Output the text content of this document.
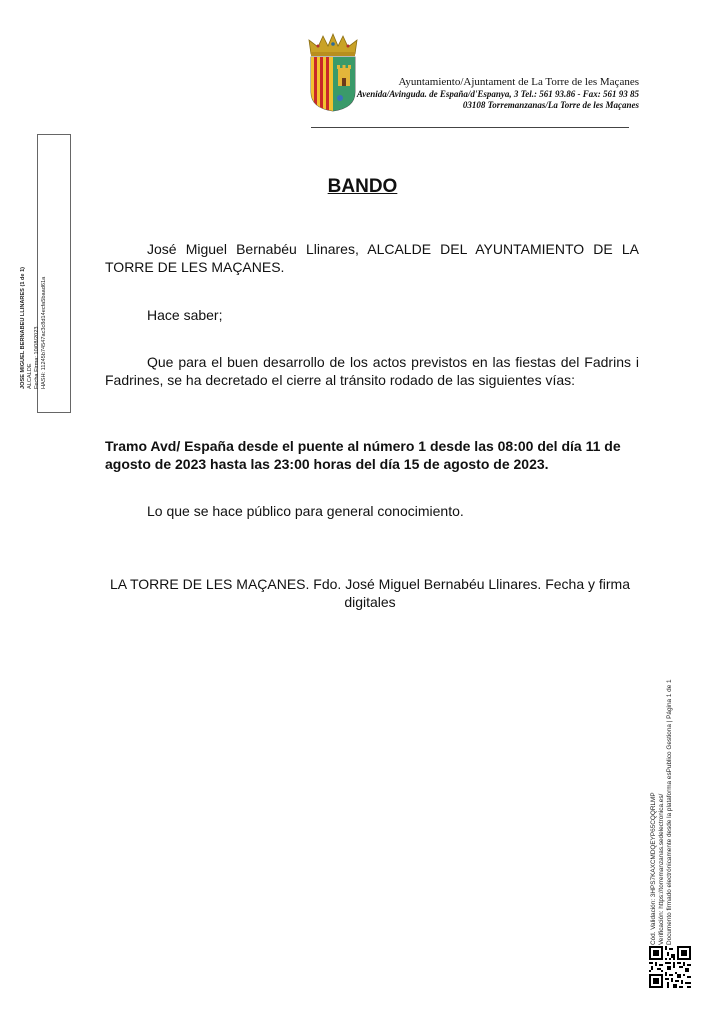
Ayuntamiento/Ajuntament de La Torre de les Maçanes
Avenida/Avinguda. de España/d'Espanya, 3 Tel.: 561 93.86 - Fax: 561 93 85
03108 Torremanzanas/La Torre de les Maçanes
JOSE MIGUEL BERNABEU LLINARES (1 de 1) ALCALDE Fecha Firma: 10/08/2023 HASH: 11245b74547ac3c8d14ecfa5baad61a
BANDO
José Miguel Bernabéu Llinares, ALCALDE DEL AYUNTAMIENTO DE LA TORRE DE LES MAÇANES.
Hace saber;
Que para el buen desarrollo de los actos previstos en las fiestas del Fadrins i Fadrines, se ha decretado el cierre al tránsito rodado de las siguientes vías:
Tramo Avd/ España desde el puente al número 1 desde las 08:00 del día 11 de agosto de 2023 hasta las 23:00 horas del día 15 de agosto de 2023.
Lo que se hace público para general conocimiento.
LA TORRE DE LES MAÇANES. Fdo. José Miguel Bernabéu Llinares. Fecha y firma digitales
Cód. Validación: 3HPS7KAXCMDQEYP65CQQRLMP Verificación: https://torremanzanas.sedelectronica.es/ Documento firmado electrónicamente desde la plataforma esPublico Gestiona | Página 1 de 1
